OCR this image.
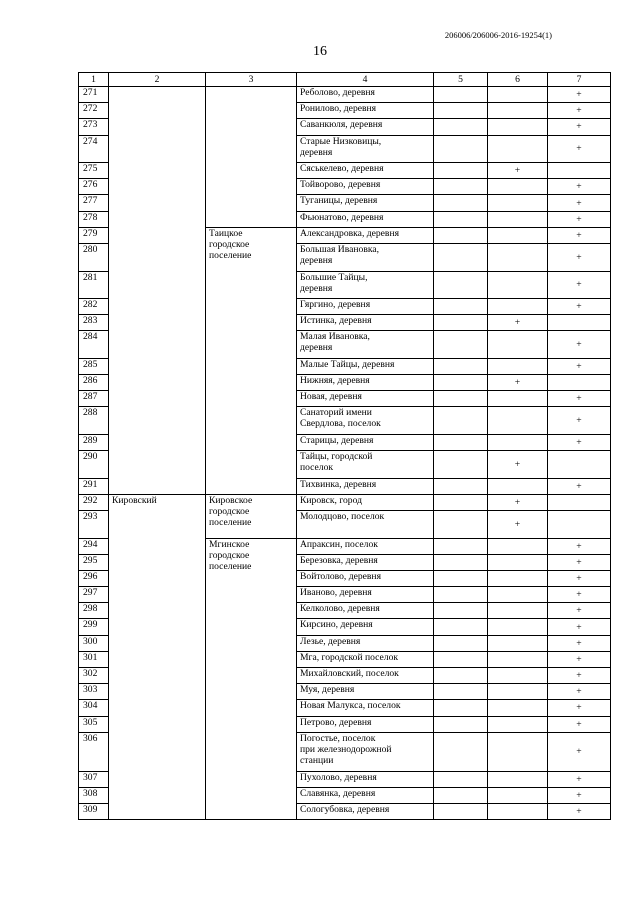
206006/206006-2016-19254(1)
16
1	2	3	4	5	6	7
271			Реболово, деревня			+
272			Ронилово, деревня			+
273			Саванкюля, деревня			+
274			Старые Низковицы,
деревня			+
275			Сяськелево, деревня		+	
276			Тойворово, деревня			+
277			Туганицы, деревня			+
278			Фьюнатово, деревня			+
279		Таицкое
городское
поселение	Александровка, деревня			+
280			Большая Ивановка,
деревня			+
281			Большие Тайцы,
деревня			+
282			Гяргино, деревня			+
283			Истинка, деревня		+	
284			Малая Ивановка,
деревня			+
285			Малые Тайцы, деревня			+
286			Нижняя, деревня		+	
287			Новая, деревня			+
288			Санаторий имени
Свердлова, поселок			+
289			Старицы, деревня			+
290			Тайцы, городской
поселок		+	
291			Тихвинка, деревня			+
292	Кировский	Кировское
городское
поселение	Кировск, город		+	
293			Молодцово, поселок		+	
294		Мгинское
городское
поселение	Апраксин, поселок			+
295			Березовка, деревня			+
296			Войтолово, деревня			+
297			Иваново, деревня			+
298			Келколово, деревня			+
299			Кирсино, деревня			+
300			Лезье, деревня			+
301			Мга, городской поселок			+
302			Михайловский, поселок			+
303			Муя, деревня			+
304			Новая Малукса, поселок			+
305			Петрово, деревня			+
306			Погостье, поселок
при железнодорожной
станции			+
307			Пухолово, деревня			+
308			Славянка, деревня			+
309			Сологубовка, деревня			+
